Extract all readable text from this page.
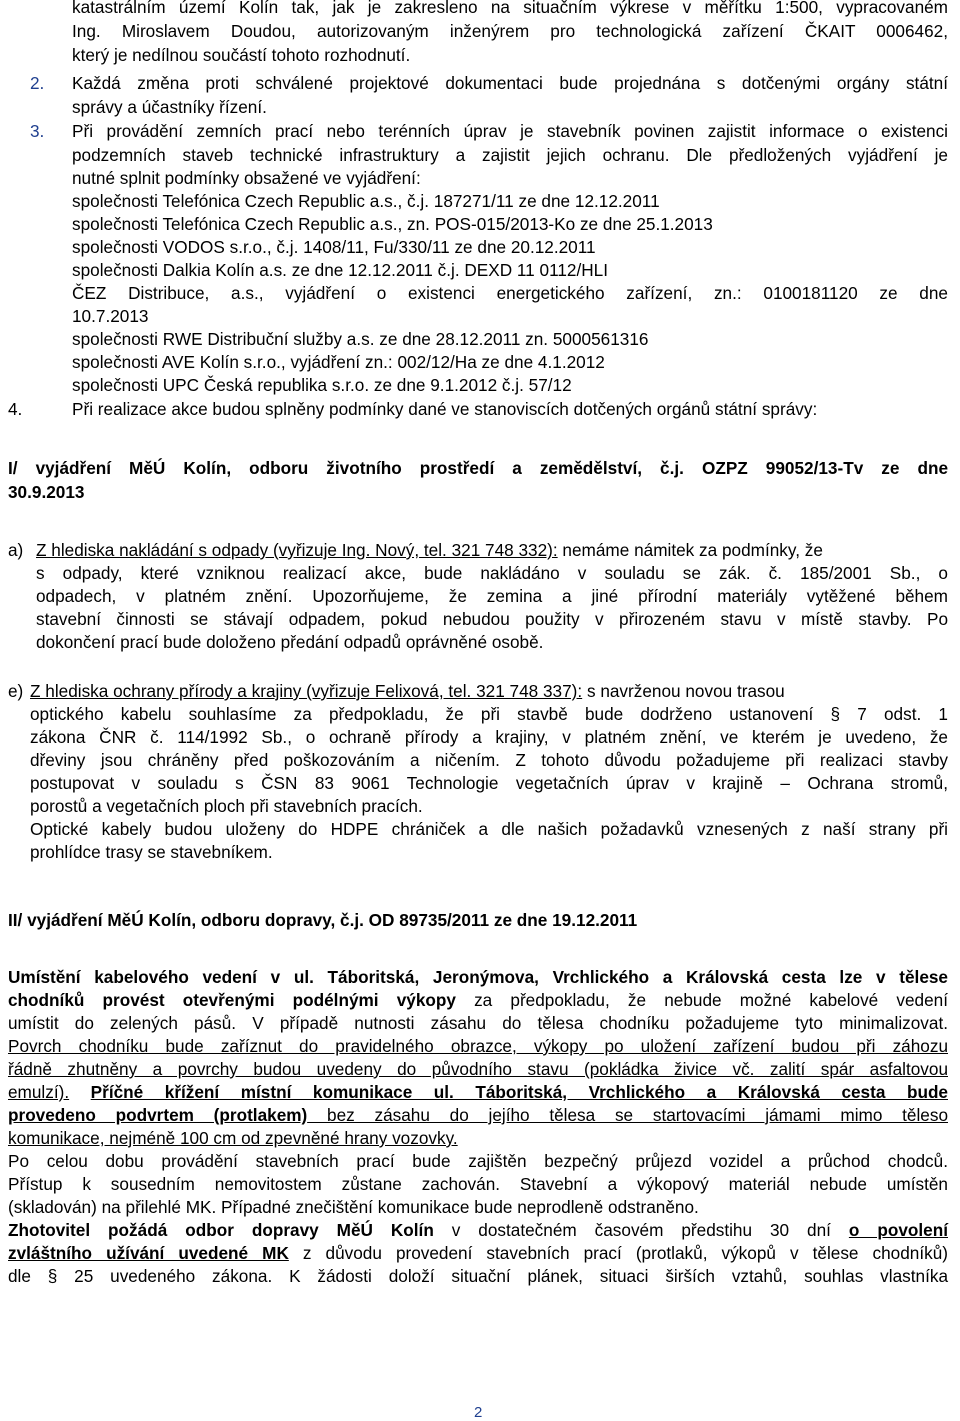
katastrálním území Kolín tak, jak je zakresleno na situačním výkrese v měřítku 1:500, vypracovaném
Ing. Miroslavem Doudou, autorizovaným inženýrem pro technologická zařízení ČKAIT 0006462,
který je nedílnou součástí tohoto rozhodnutí.
2. Každá změna proti schválené projektové dokumentaci bude projednána s dotčenými orgány státní
správy a účastníky řízení.
3. Při provádění zemních prací nebo terénních úprav je stavebník povinen zajistit informace o existenci
podzemních staveb technické infrastruktury a zajistit jejich ochranu. Dle předložených vyjádření je
nutné splnit podmínky obsažené ve vyjádření:
společnosti Telefónica Czech Republic a.s., č.j. 187271/11 ze dne 12.12.2011
společnosti Telefónica Czech Republic a.s., zn. POS-015/2013-Ko ze dne 25.1.2013
společnosti VODOS s.r.o., č.j. 1408/11, Fu/330/11 ze dne 20.12.2011
společnosti Dalkia Kolín a.s. ze dne 12.12.2011 č.j. DEXD 11 0112/HLI
ČEZ Distribuce, a.s., vyjádření o existenci energetického zařízení, zn.: 0100181120 ze dne
10.7.2013
společnosti RWE Distribuční služby a.s. ze dne 28.12.2011 zn. 5000561316
společnosti AVE Kolín s.r.o., vyjádření zn.: 002/12/Ha ze dne 4.1.2012
společnosti UPC Česká republika s.r.o. ze dne 9.1.2012 č.j. 57/12
4.	Při realizace akce budou splněny podmínky dané ve stanoviscích dotčených orgánů státní správy:
I/ vyjádření MěÚ Kolín, odboru životního prostředí a zemědělství, č.j. OZPZ 99052/13-Tv ze dne
30.9.2013
a) Z hlediska nakládání s odpady (vyřizuje Ing. Nový, tel. 321 748 332): nemáme námitek za podmínky, že
s odpady, které vzniknou realizací akce, bude nakládáno v souladu se zák. č. 185/2001 Sb., o
odpadech, v platném znění. Upozorňujeme, že zemina a jiné přírodní materiály vytěžené během
stavební činnosti se stávají odpadem, pokud nebudou použity v přirozeném stavu v místě stavby. Po
dokončení prací bude doloženo předání odpadů oprávněné osobě.
e) Z hlediska ochrany přírody a krajiny (vyřizuje Felixová, tel. 321 748 337): s navrženou novou trasou
optického kabelu souhlasíme za předpokladu, že při stavbě bude dodrženo ustanovení § 7 odst. 1
zákona ČNR č. 114/1992 Sb., o ochraně přírody a krajiny, v platném znění, ve kterém je uvedeno, že
dřeviny jsou chráněny před poškozováním a ničením. Z tohoto důvodu požadujeme při realizaci stavby
postupovat v souladu s ČSN 83 9061 Technologie vegetačních úprav v krajině – Ochrana stromů,
porostů a vegetačních ploch při stavebních pracích.
Optické kabely budou uloženy do HDPE chrániček a dle našich požadavků vznesených z naší strany při
prohlídce trasy se stavebníkem.
II/ vyjádření MěÚ Kolín, odboru dopravy, č.j. OD 89735/2011 ze dne 19.12.2011
Umístění kabelového vedení v ul. Táboritská, Jeronýmova, Vrchlického a Královská cesta lze v tělese
chodníků provést otevřenými podélnými výkopy za předpokladu, že nebude možné kabelové vedení
umístit do zelených pásů. V případě nutnosti zásahu do tělesa chodníku požadujeme tyto minimalizovat.
Povrch chodníku bude zaříznut do pravidelného obrazce, výkopy po uložení zařízení budou při záhozu
řádně zhutněny a povrchy budou uvedeny do původního stavu (pokládka živice vč. zalití spár asfaltovou
emulzí). Příčné křížení místní komunikace ul. Táboritská, Vrchlického a Královská cesta bude
provedeno podvrtem (protlakem) bez zásahu do jejího tělesa se startovacími jámami mimo těleso
komunikace, nejméně 100 cm od zpevněné hrany vozovky.
Po celou dobu provádění stavebních prací bude zajištěn bezpečný průjezd vozidel a průchod chodců.
Přístup k sousedním nemovitostem zůstane zachován. Stavební a výkopový materiál nebude umístěn
(skladován) na přilehlé MK. Případné znečištění komunikace bude neprodleně odstraněno.
Zhotovitel požádá odbor dopravy MěÚ Kolín v dostatečném časovém předstihu 30 dní o povolení
zvláštního užívání uvedené MK z důvodu provedení stavebních prací (protlaků, výkopů v tělese chodníků)
dle § 25 uvedeného zákona. K žádosti doloží situační plánek, situaci širších vztahů, souhlas vlastníka
2
